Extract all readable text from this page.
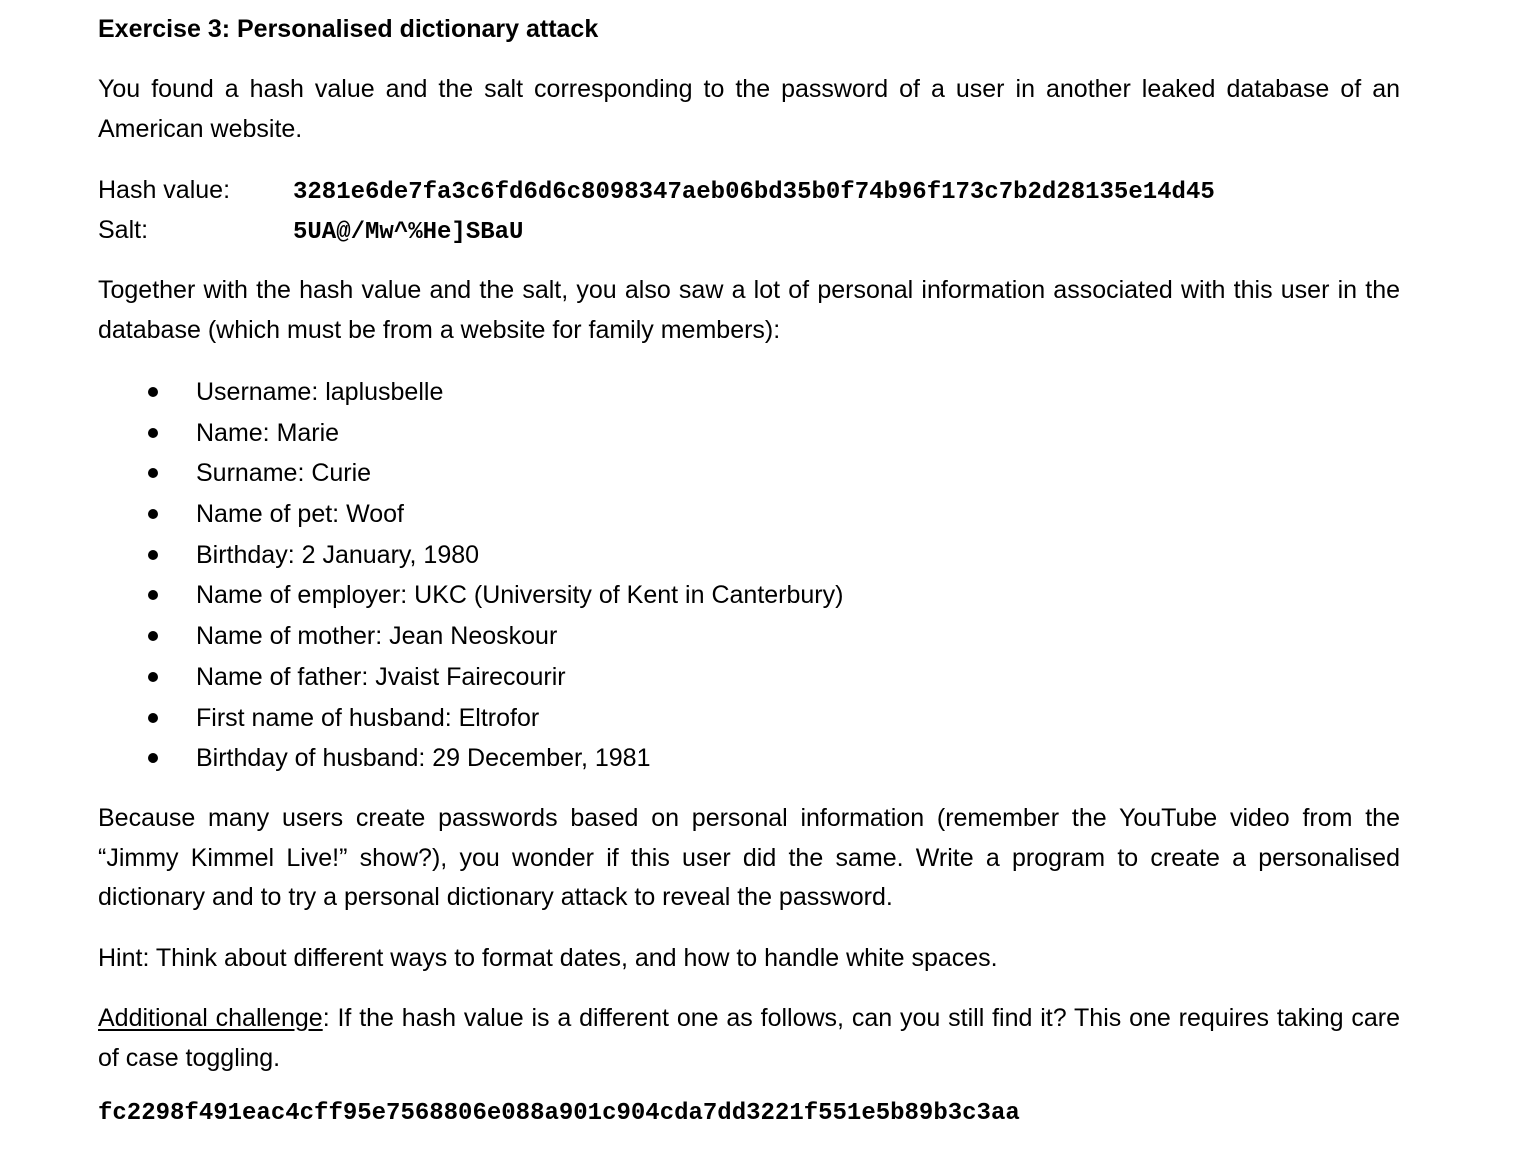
Exercise 3: Personalised dictionary attack
You found a hash value and the salt corresponding to the password of a user in another leaked database of an American website.
Hash value:	3281e6de7fa3c6fd6d6c8098347aeb06bd35b0f74b96f173c7b2d28135e14d45
Salt:	5UA@/Mw^%He]SBaU
Together with the hash value and the salt, you also saw a lot of personal information associated with this user in the database (which must be from a website for family members):
Username: laplusbelle
Name: Marie
Surname: Curie
Name of pet: Woof
Birthday: 2 January, 1980
Name of employer: UKC (University of Kent in Canterbury)
Name of mother: Jean Neoskour
Name of father: Jvaist Fairecourir
First name of husband: Eltrofor
Birthday of husband: 29 December, 1981
Because many users create passwords based on personal information (remember the YouTube video from the “Jimmy Kimmel Live!” show?), you wonder if this user did the same. Write a program to create a personalised dictionary and to try a personal dictionary attack to reveal the password.
Hint: Think about different ways to format dates, and how to handle white spaces.
Additional challenge: If the hash value is a different one as follows, can you still find it? This one requires taking care of case toggling.
fc2298f491eac4cff95e7568806e088a901c904cda7dd3221f551e5b89b3c3aa
